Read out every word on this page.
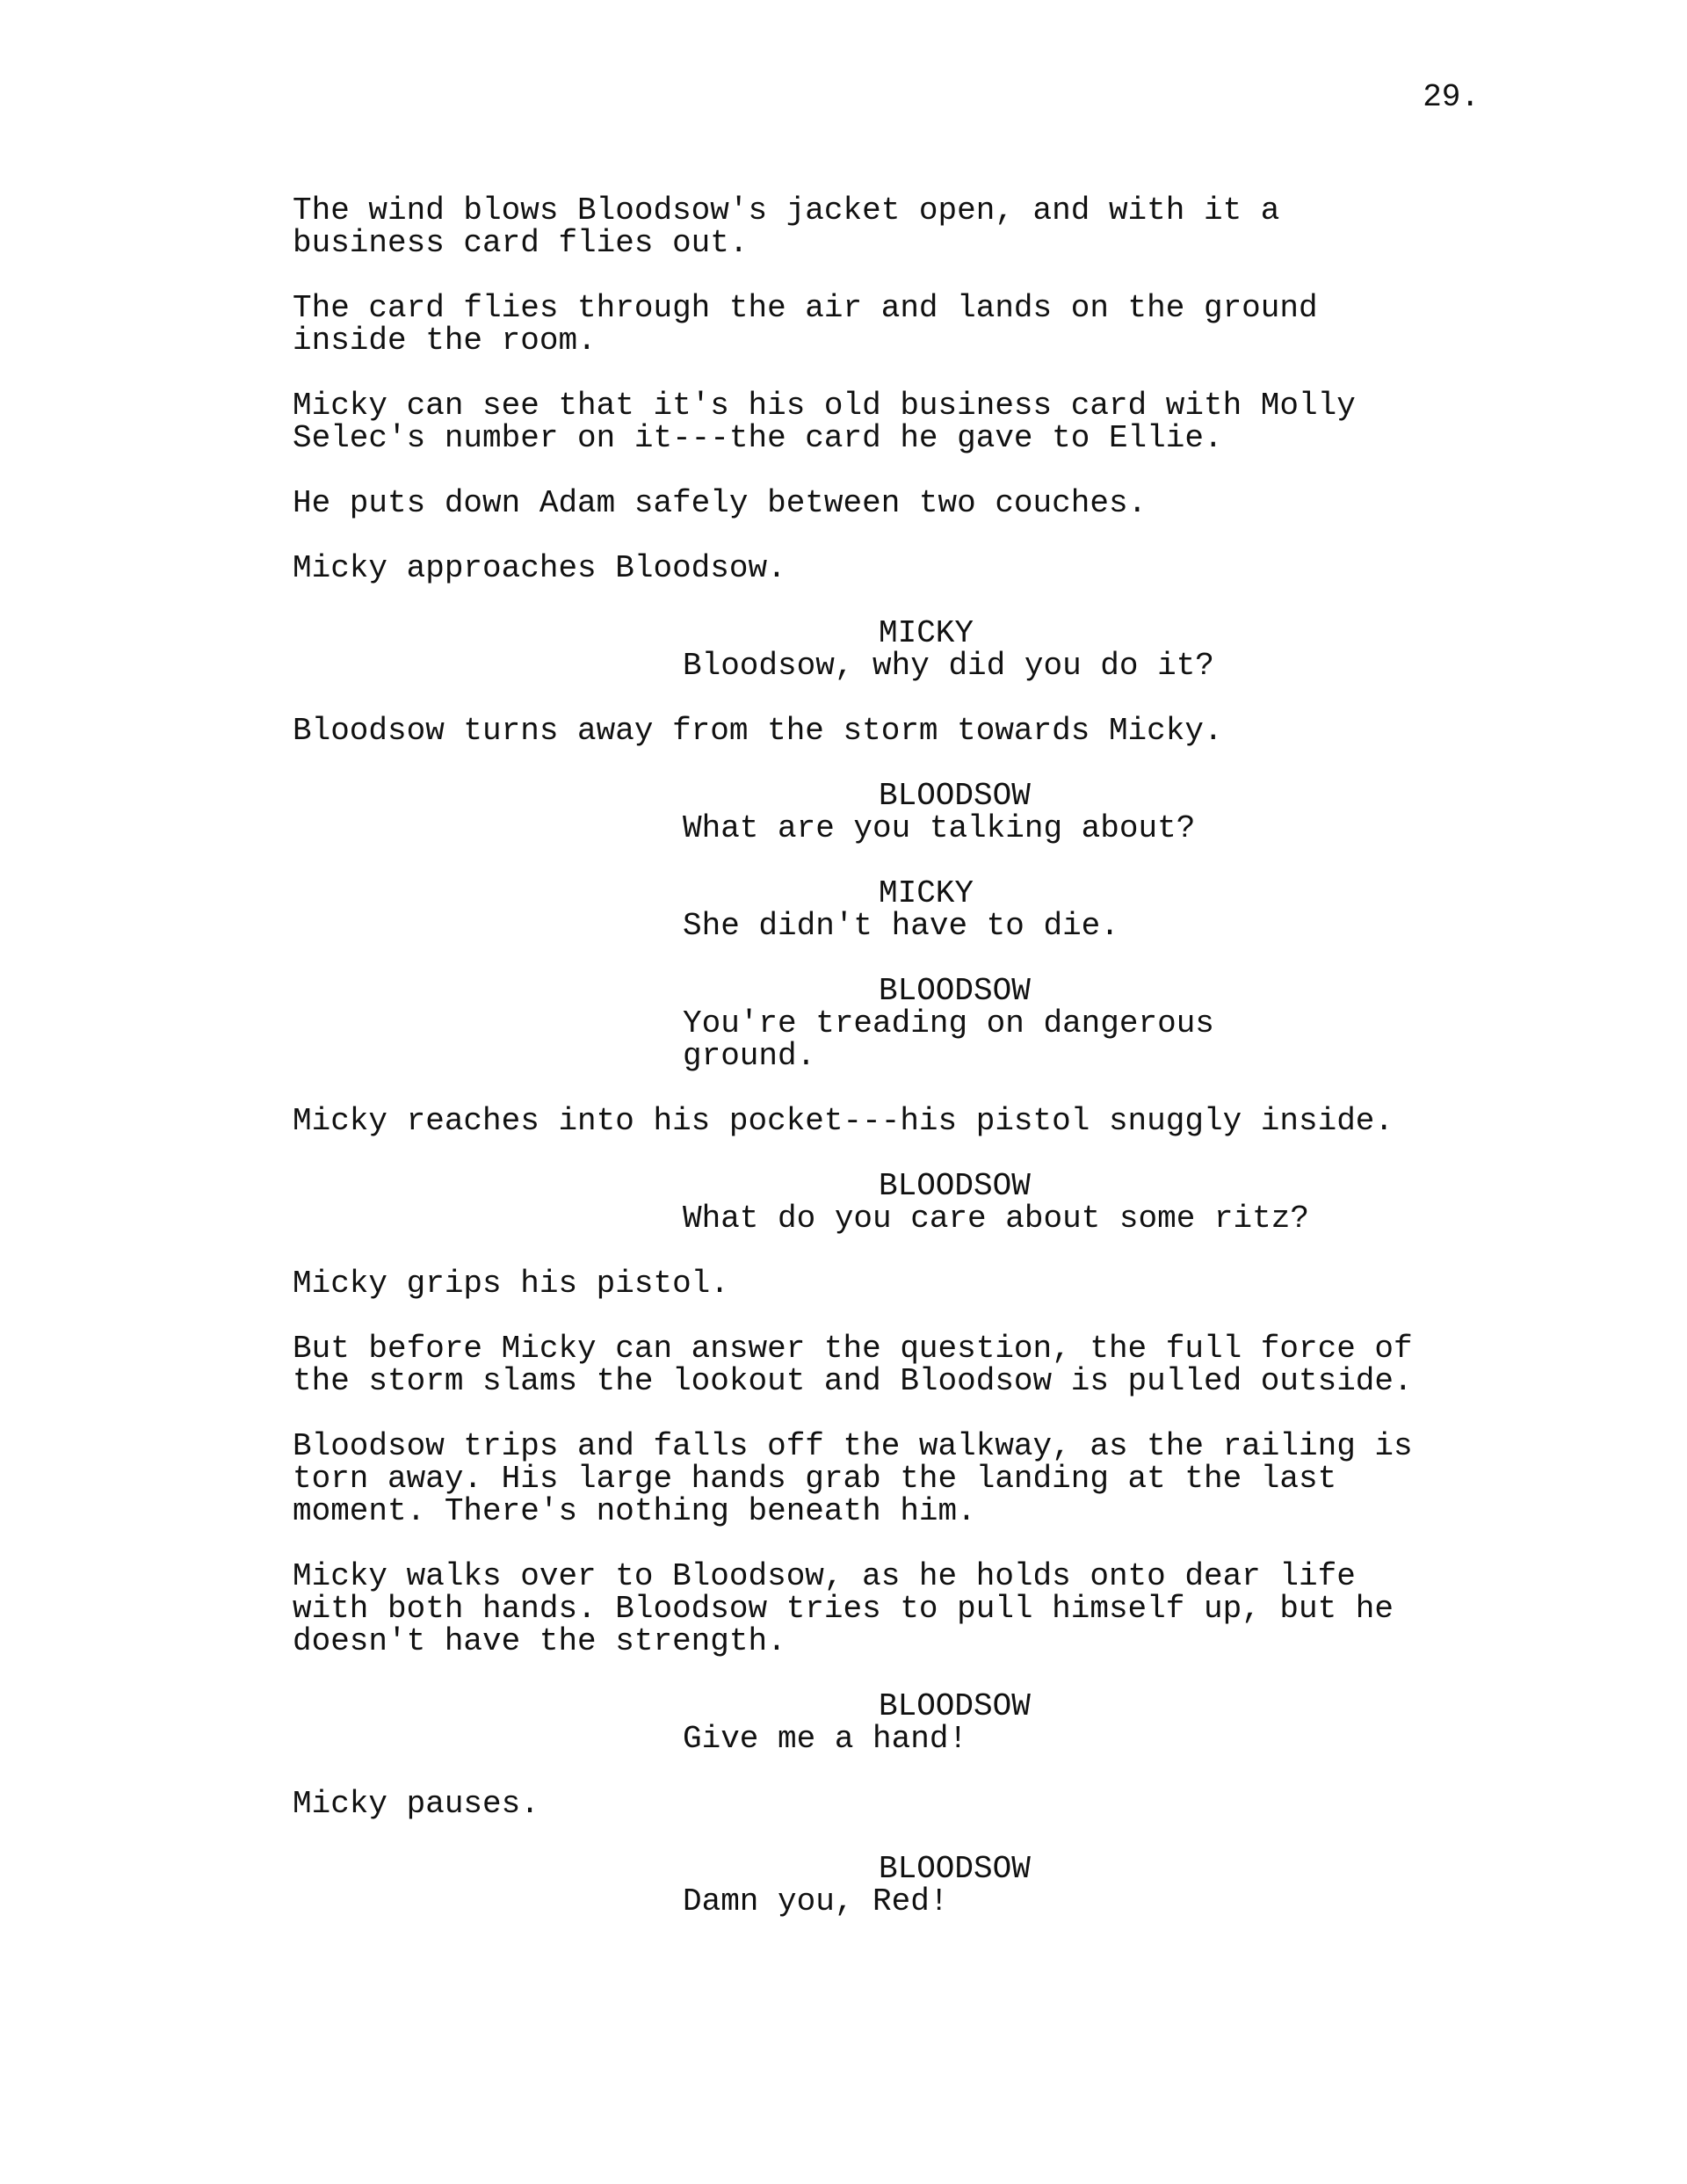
29.
The wind blows Bloodsow's jacket open, and with it a
business card flies out.
The card flies through the air and lands on the ground
inside the room.
Micky can see that it's his old business card with Molly
Selec's number on it---the card he gave to Ellie.
He puts down Adam safely between two couches.
Micky approaches Bloodsow.
MICKY
Bloodsow, why did you do it?
Bloodsow turns away from the storm towards Micky.
BLOODSOW
What are you talking about?
MICKY
She didn't have to die.
BLOODSOW
You're treading on dangerous
ground.
Micky reaches into his pocket---his pistol snuggly inside.
BLOODSOW
What do you care about some ritz?
Micky grips his pistol.
But before Micky can answer the question, the full force of
the storm slams the lookout and Bloodsow is pulled outside.
Bloodsow trips and falls off the walkway, as the railing is
torn away. His large hands grab the landing at the last
moment. There's nothing beneath him.
Micky walks over to Bloodsow, as he holds onto dear life
with both hands. Bloodsow tries to pull himself up, but he
doesn't have the strength.
BLOODSOW
Give me a hand!
Micky pauses.
BLOODSOW
Damn you, Red!
